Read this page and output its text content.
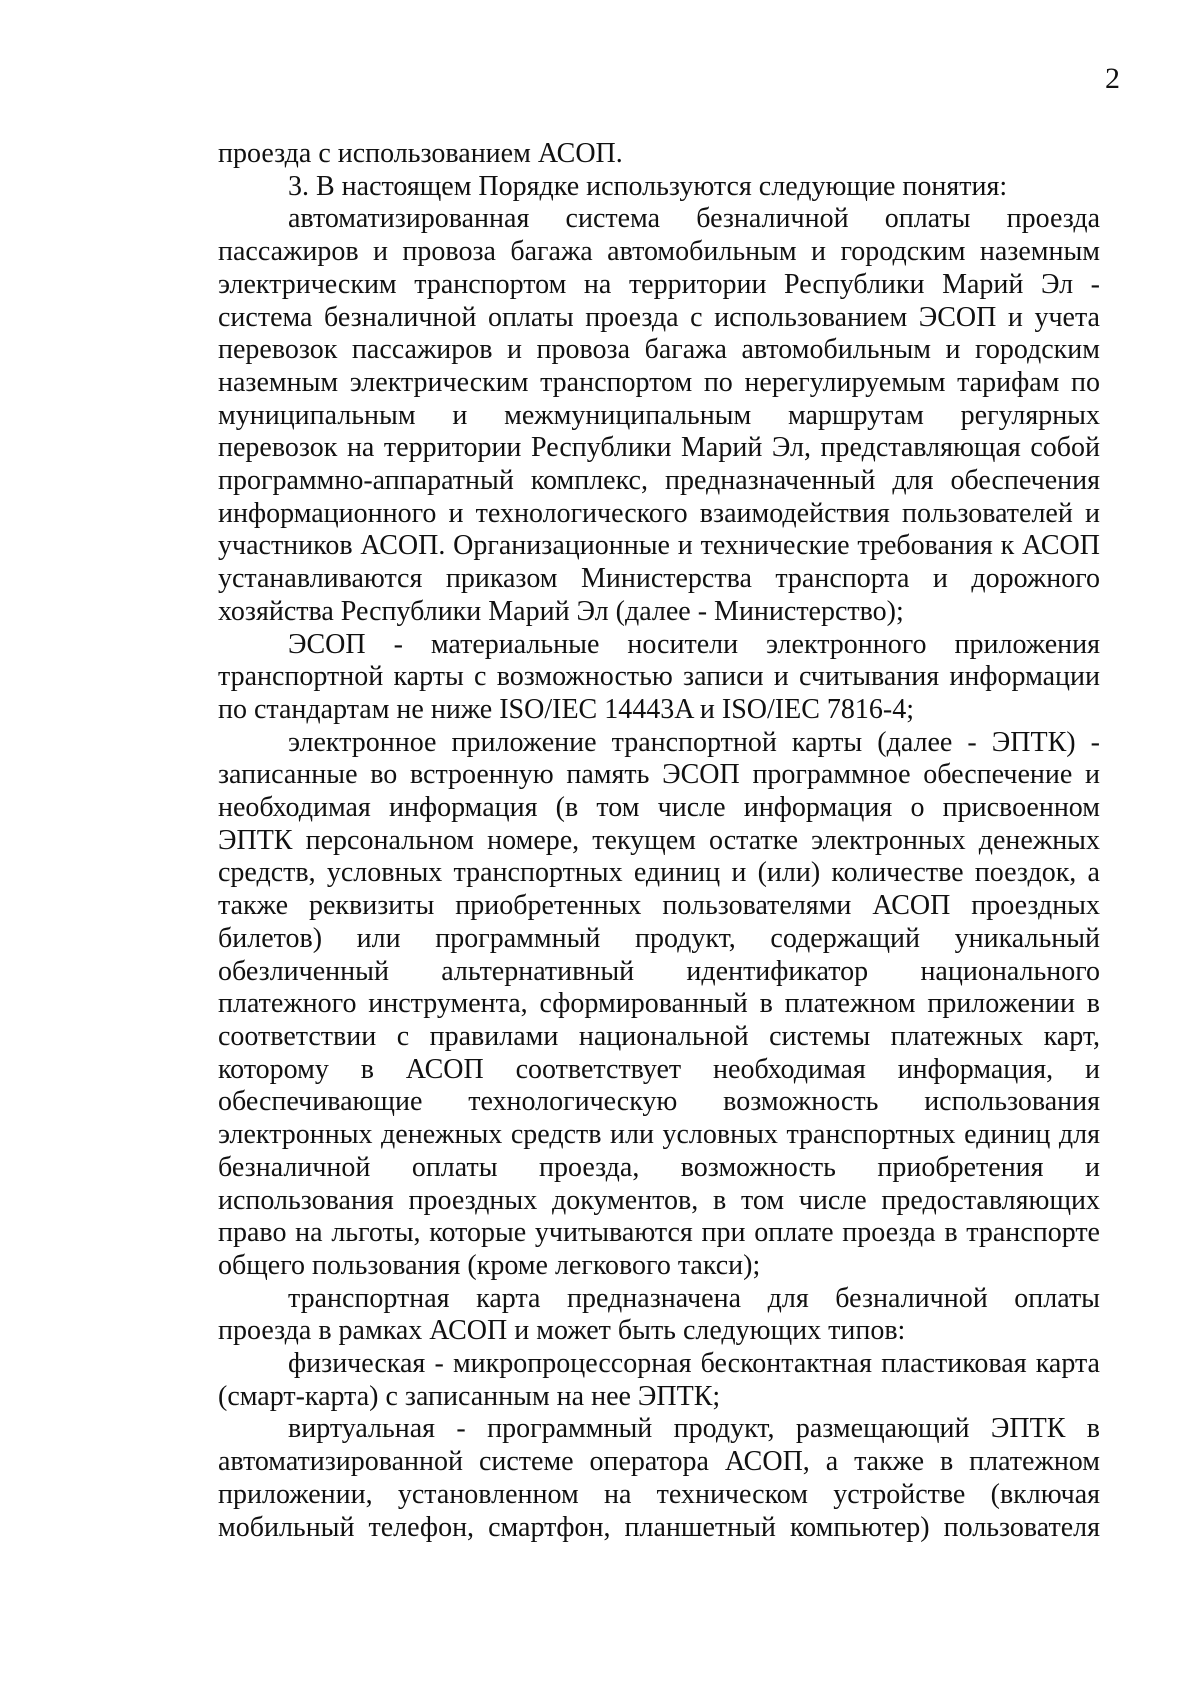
2

проезда с использованием АСОП.

3. В настоящем Порядке используются следующие понятия:

автоматизированная система безналичной оплаты проезда пассажиров и провоза багажа автомобильным и городским наземным электрическим транспортом на территории Республики Марий Эл - система безналичной оплаты проезда с использованием ЭСОП и учета перевозок пассажиров и провоза багажа автомобильным и городским наземным электрическим транспортом по нерегулируемым тарифам по муниципальным и межмуниципальным маршрутам регулярных перевозок на территории Республики Марий Эл, представляющая собой программно-аппаратный комплекс, предназначенный для обеспечения информационного и технологического взаимодействия пользователей и участников АСОП. Организационные и технические требования к АСОП устанавливаются приказом Министерства транспорта и дорожного хозяйства Республики Марий Эл (далее - Министерство);

ЭСОП - материальные носители электронного приложения транспортной карты с возможностью записи и считывания информации по стандартам не ниже ISO/IEC 14443A и ISO/IEC 7816-4;

электронное приложение транспортной карты (далее - ЭПТК) - записанные во встроенную память ЭСОП программное обеспечение и необходимая информация (в том числе информация о присвоенном ЭПТК персональном номере, текущем остатке электронных денежных средств, условных транспортных единиц и (или) количестве поездок, а также реквизиты приобретенных пользователями АСОП проездных билетов) или программный продукт, содержащий уникальный обезличенный альтернативный идентификатор национального платежного инструмента, сформированный в платежном приложении в соответствии с правилами национальной системы платежных карт, которому в АСОП соответствует необходимая информация, и обеспечивающие технологическую возможность использования электронных денежных средств или условных транспортных единиц для безналичной оплаты проезда, возможность приобретения и использования проездных документов, в том числе предоставляющих право на льготы, которые учитываются при оплате проезда в транспорте общего пользования (кроме легкового такси);

транспортная карта предназначена для безналичной оплаты проезда в рамках АСОП и может быть следующих типов:

физическая - микропроцессорная бесконтактная пластиковая карта (смарт-карта) с записанным на нее ЭПТК;

виртуальная - программный продукт, размещающий ЭПТК в автоматизированной системе оператора АСОП, а также в платежном приложении, установленном на техническом устройстве (включая мобильный телефон, смартфон, планшетный компьютер) пользователя
